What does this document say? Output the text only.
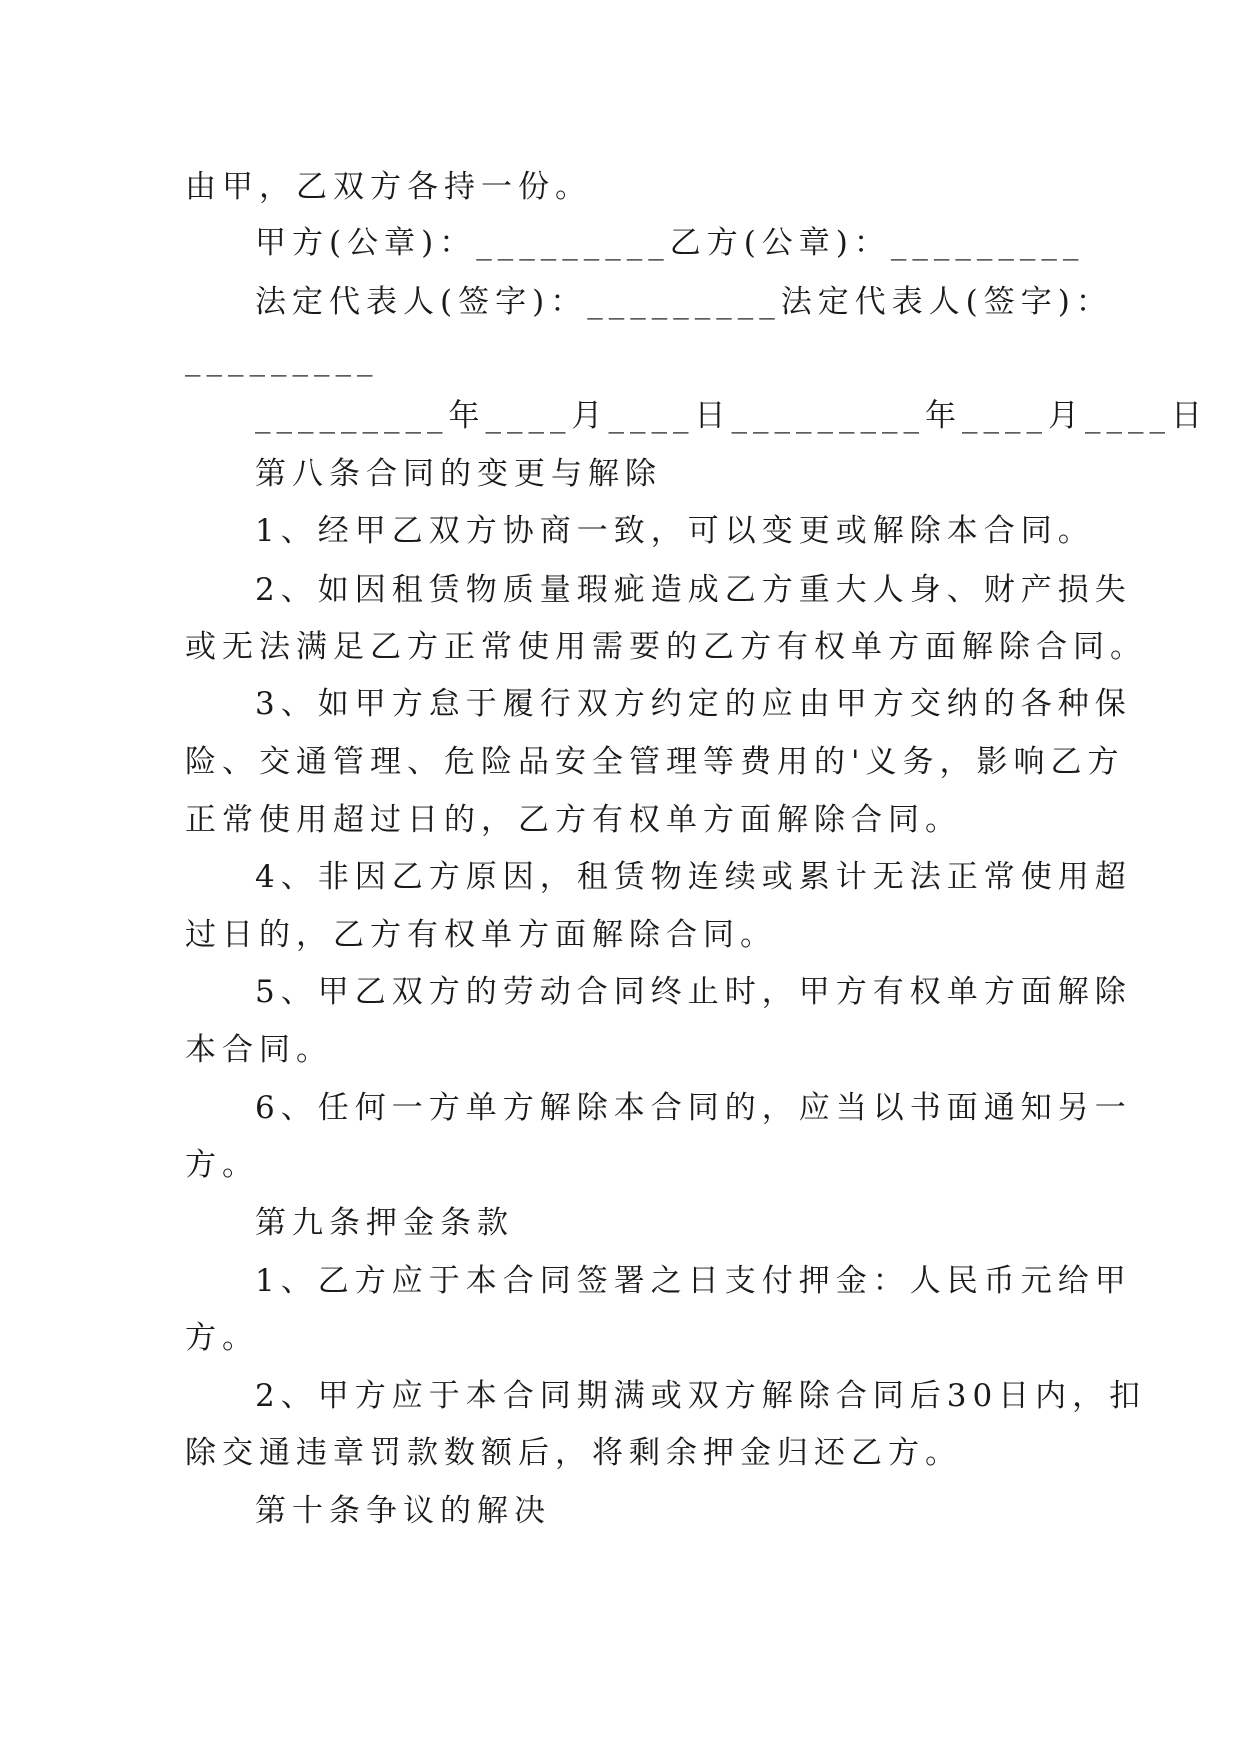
由甲，乙双方各持一份。
甲方(公章)：_________乙方(公章)：_________
法定代表人(签字)：_________法定代表人(签字)：
_________
_________年____月____日_________年____月____日
第八条合同的变更与解除
1、经甲乙双方协商一致，可以变更或解除本合同。
2、如因租赁物质量瑕疵造成乙方重大人身、财产损失
或无法满足乙方正常使用需要的乙方有权单方面解除合同。
3、如甲方怠于履行双方约定的应由甲方交纳的各种保
险、交通管理、危险品安全管理等费用的'义务，影响乙方
正常使用超过日的，乙方有权单方面解除合同。
4、非因乙方原因，租赁物连续或累计无法正常使用超
过日的，乙方有权单方面解除合同。
5、甲乙双方的劳动合同终止时，甲方有权单方面解除
本合同。
6、任何一方单方解除本合同的，应当以书面通知另一
方。
第九条押金条款
1、乙方应于本合同签署之日支付押金：人民币元给甲
方。
2、甲方应于本合同期满或双方解除合同后30日内，扣
除交通违章罚款数额后，将剩余押金归还乙方。
第十条争议的解决
